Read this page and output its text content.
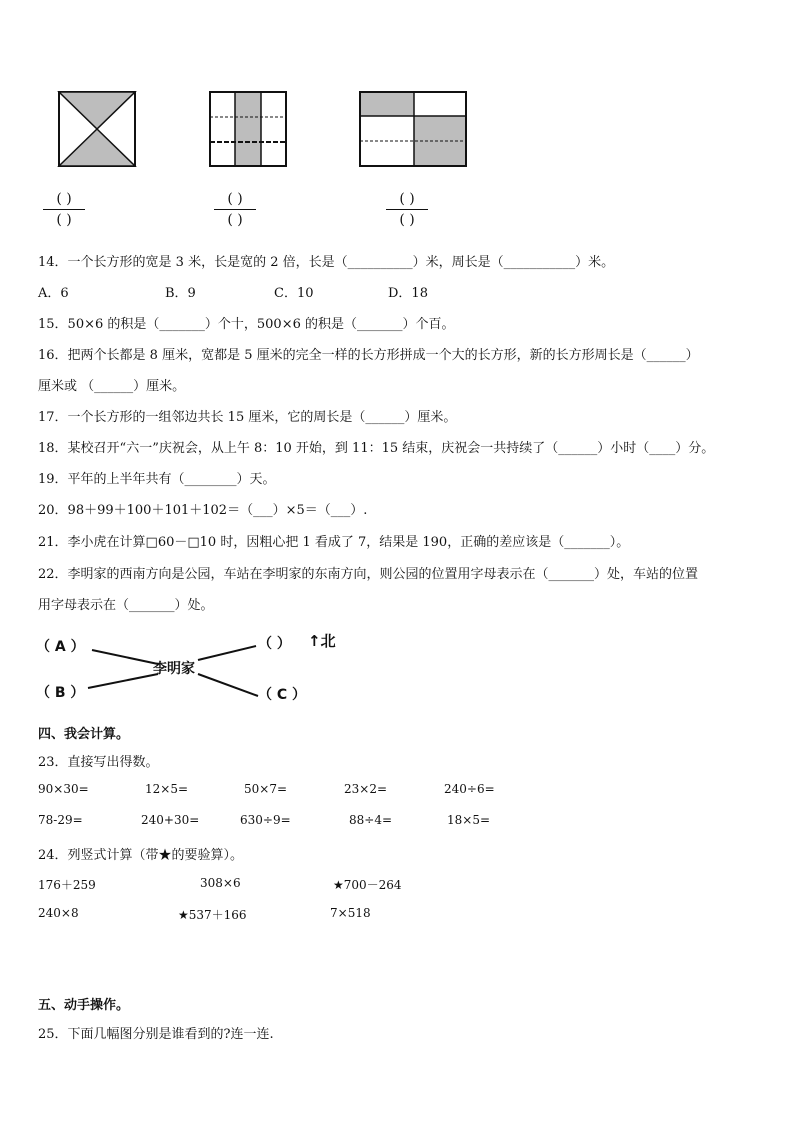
( )
( )
( )
( )
( )
( )
14．一个长方形的宽是 3 米，长是宽的 2 倍，长是（__________）米，周长是（___________）米。
A．6	B．9	C．10	D．18
15．50×6 的积是（_______）个十，500×6 的积是（_______）个百。
16．把两个长都是 8 厘米，宽都是 5 厘米的完全一样的长方形拼成一个大的长方形，新的长方形周长是（______）
厘米或 （______）厘米。
17．一个长方形的一组邻边共长 15 厘米，它的周长是（______）厘米。
18．某校召开“六一”庆祝会，从上午 8：10 开始，到 11：15 结束，庆祝会一共持续了（______）小时（____）分。
19．平年的上半年共有（________）天。
20．98＋99＋100＋101＋102＝（___）×5＝（___）.
21．李小虎在计算□60－□10 时，因粗心把 1 看成了 7，结果是 190，正确的差应该是（_______）。
22．李明家的西南方向是公园，车站在李明家的东南方向，则公园的位置用字母表示在（_______）处，车站的位置
用字母表示在（_______）处。
（ A ）
（ B ）
李明家
（ ） ↑北
（ C ）
四、我会计算。
23．直接写出得数。
90×30=	12×5=	50×7=	23×2=	240÷6=
78-29=	240+30=	630÷9=	88÷4=	18×5=
24．列竖式计算（带★的要验算）。
176＋259	308×6	★700－264
240×8	★537＋166	7×518
五、动手操作。
25．下面几幅图分别是谁看到的?连一连.
